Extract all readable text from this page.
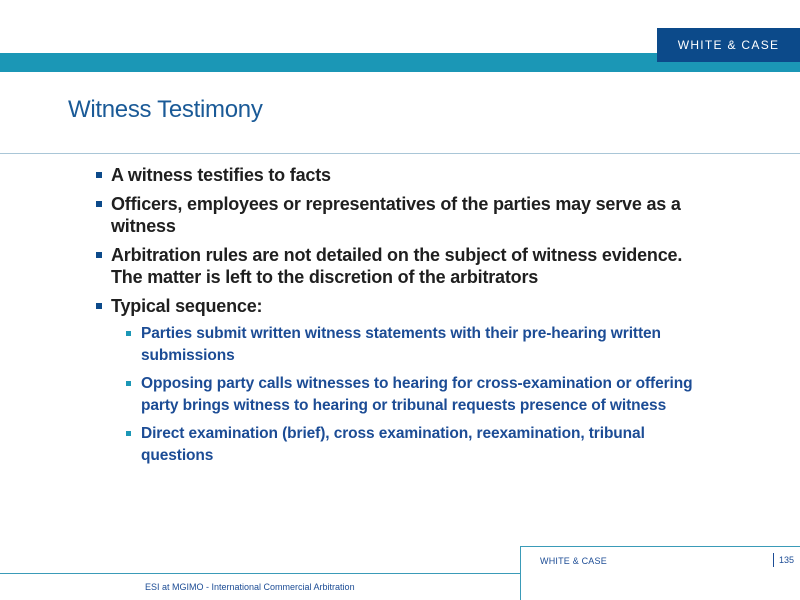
WHITE & CASE
Witness Testimony
A witness testifies to facts
Officers, employees or representatives of the parties may serve as a witness
Arbitration rules are not detailed on the subject of witness evidence. The matter is left to the discretion of the arbitrators
Typical sequence:
Parties submit written witness statements with their pre-hearing written submissions
Opposing party calls witnesses to hearing for cross-examination or offering party brings witness to hearing or tribunal requests presence of witness
Direct examination (brief), cross examination, reexamination, tribunal questions
WHITE & CASE	135
ESI at MGIMO - International Commercial Arbitration
